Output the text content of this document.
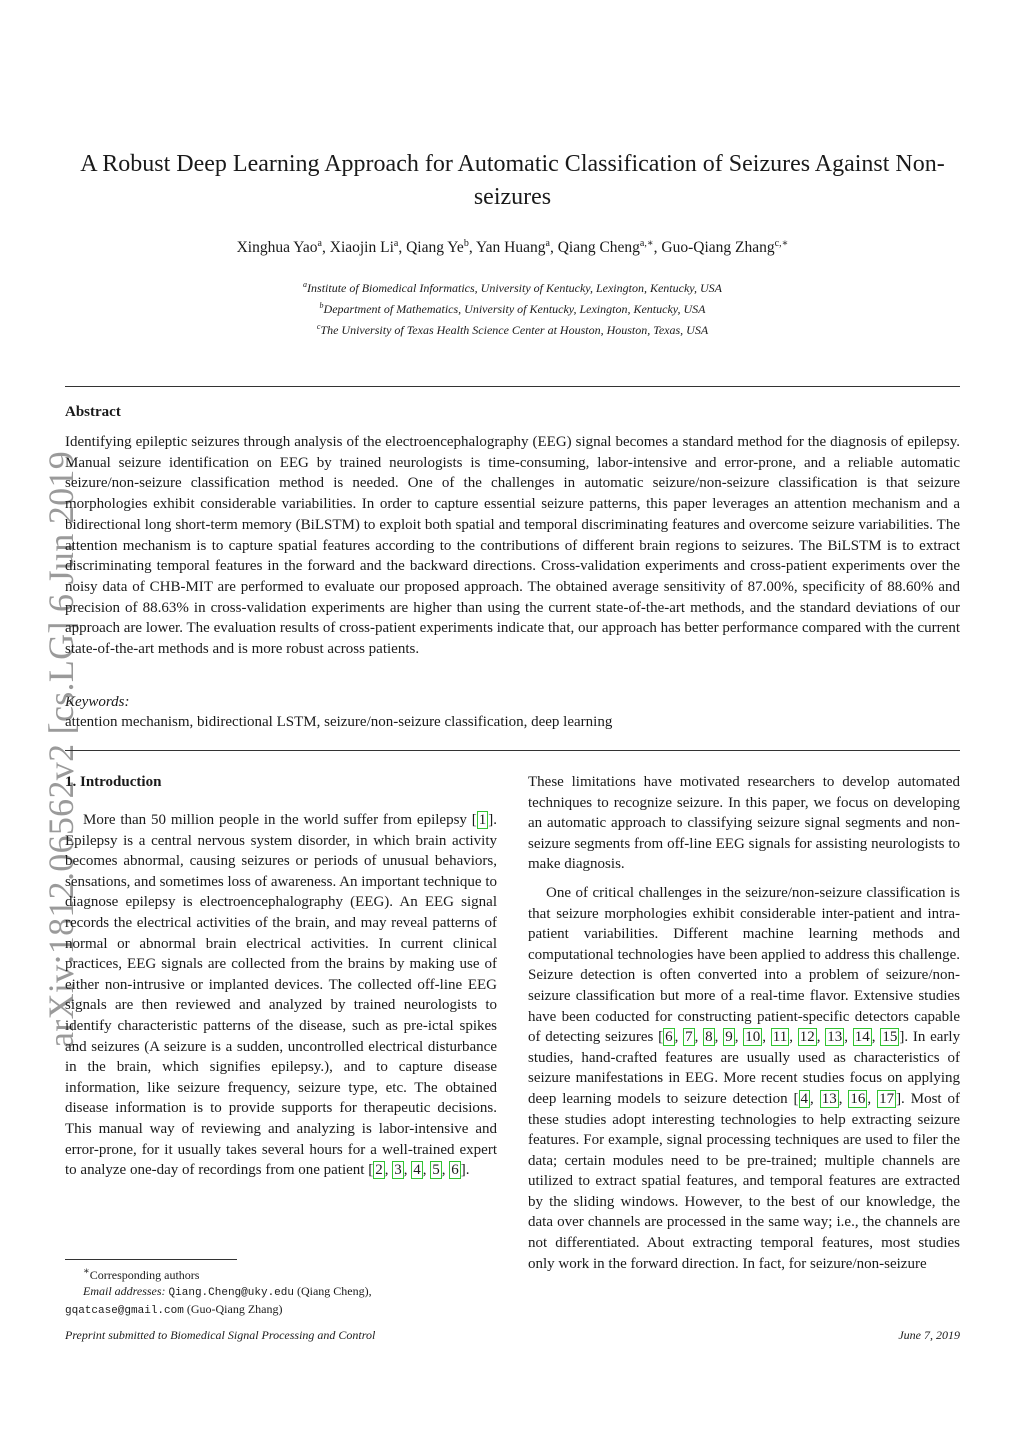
arXiv:1812.06562v2 [cs.LG] 6 Jun 2019
A Robust Deep Learning Approach for Automatic Classification of Seizures Against Non-seizures
Xinghua Yao$^a$, Xiaojin Li$^a$, Qiang Ye$^b$, Yan Huang$^a$, Qiang Cheng$^{a,∗}$, Guo-Qiang Zhang$^{c,∗}$
$^a$Institute of Biomedical Informatics, University of Kentucky, Lexington, Kentucky, USA
$^b$Department of Mathematics, University of Kentucky, Lexington, Kentucky, USA
$^c$The University of Texas Health Science Center at Houston, Houston, Texas, USA
Abstract

Identifying epileptic seizures through analysis of the electroencephalography (EEG) signal becomes a standard method for the diagnosis of epilepsy. Manual seizure identification on EEG by trained neurologists is time-consuming, labor-intensive and error-prone, and a reliable automatic seizure/non-seizure classification method is needed. One of the challenges in automatic seizure/non-seizure classification is that seizure morphologies exhibit considerable variabilities. In order to capture essential seizure patterns, this paper leverages an attention mechanism and a bidirectional long short-term memory (BiLSTM) to exploit both spatial and temporal discriminating features and overcome seizure variabilities. The attention mechanism is to capture spatial features according to the contributions of different brain regions to seizures. The BiLSTM is to extract discriminating temporal features in the forward and the backward directions. Cross-validation experiments and cross-patient experiments over the noisy data of CHB-MIT are performed to evaluate our proposed approach. The obtained average sensitivity of 87.00%, specificity of 88.60% and precision of 88.63% in cross-validation experiments are higher than using the current state-of-the-art methods, and the standard deviations of our approach are lower. The evaluation results of cross-patient experiments indicate that, our approach has better performance compared with the current state-of-the-art methods and is more robust across patients.

Keywords:
attention mechanism, bidirectional LSTM, seizure/non-seizure classification, deep learning
1. Introduction

More than 50 million people in the world suffer from epilepsy [ 1 ]. Epilepsy is a central nervous system disorder, in which brain activity becomes abnormal, causing seizures or periods of unusual behaviors, sensations, and sometimes loss of awareness. An important technique to diagnose epilepsy is electroencephalography (EEG). An EEG signal records the electrical activities of the brain, and may reveal patterns of normal or abnormal brain electrical activities. In current clinical practices, EEG signals are collected from the brains by making use of either non-intrusive or implanted devices. The collected off-line EEG signals are then reviewed and analyzed by trained neurologists to identify characteristic patterns of the disease, such as pre-ictal spikes and seizures (A seizure is a sudden, uncontrolled electrical disturbance in the brain, which signifies epilepsy.), and to capture disease information, like seizure frequency, seizure type, etc. The obtained disease information is to provide supports for therapeutic decisions. This manual way of reviewing and analyzing is labor-intensive and error-prone, for it usually takes several hours for a well-trained expert to analyze one-day of recordings from one patient [ 2 , 3 , 4 , 5 , 6 ].

These limitations have motivated researchers to develop automated techniques to recognize seizure. In this paper, we focus on developing an automatic approach to classifying seizure signal segments and non-seizure segments from off-line EEG signals for assisting neurologists to make diagnosis.

One of critical challenges in the seizure/non-seizure classification is that seizure morphologies exhibit considerable inter-patient and intra-patient variabilities. Different machine learning methods and computational technologies have been applied to address this challenge. Seizure detection is often converted into a problem of seizure/non-seizure classification but more of a real-time flavor. Extensive studies have been coducted for constructing patient-specific detectors capable of detecting seizures [ 6 , 7 , 8 , 9 , 10 , 11 , 12 , 13 , 14 , 15 ]. In early studies, hand-crafted features are usually used as characteristics of seizure manifestations in EEG. More recent studies focus on applying deep learning models to seizure detection [ 4 , 13 , 16 , 17 ]. Most of these studies adopt interesting technologies to help extracting seizure features. For example, signal processing techniques are used to filer the data; certain modules need to be pre-trained; multiple channels are utilized to extract spatial features, and temporal features are extracted by the sliding windows. However, to the best of our knowledge, the data over channels are processed in the same way; i.e., the channels are not differentiated. About extracting temporal features, most studies only work in the forward direction. In fact, for seizure/non-seizure

∗Corresponding authors
Email addresses: Qiang.Cheng@uky.edu (Qiang Cheng),
gqatcase@gmail.com (Guo-Qiang Zhang)
Preprint submitted to Biomedical Signal Processing and Control	June 7, 2019
